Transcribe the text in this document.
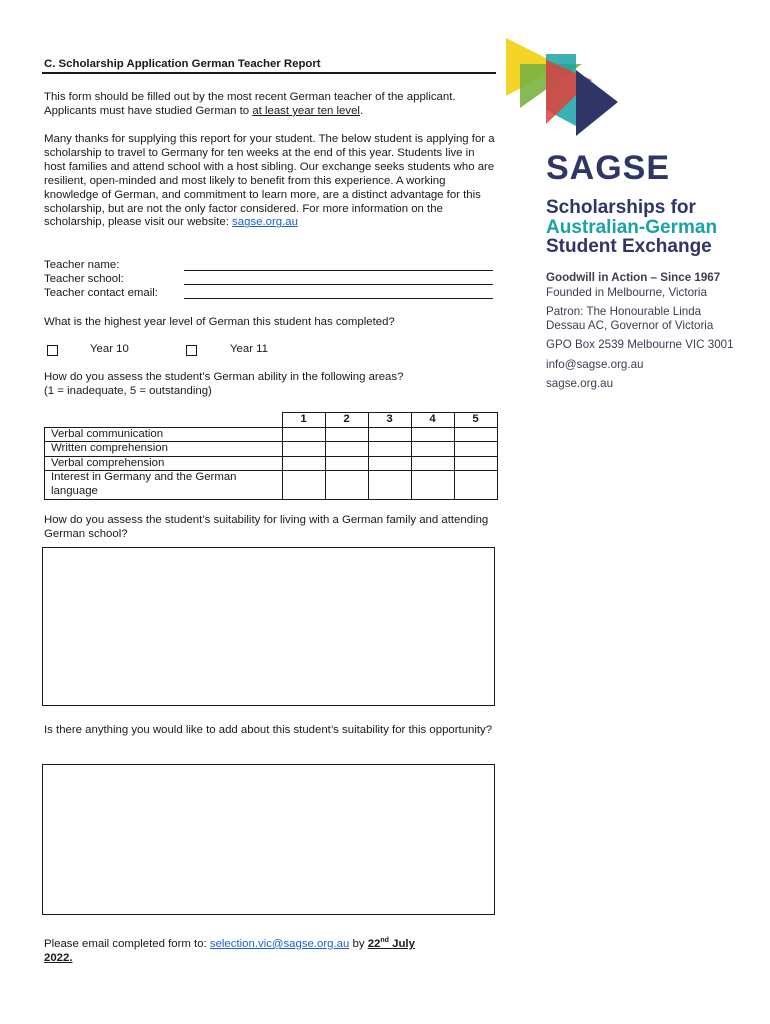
C. Scholarship Application German Teacher Report
This form should be filled out by the most recent German teacher of the applicant. Applicants must have studied German to at least year ten level.
Many thanks for supplying this report for your student. The below student is applying for a scholarship to travel to Germany for ten weeks at the end of this year. Students live in host families and attend school with a host sibling. Our exchange seeks students who are resilient, open-minded and most likely to benefit from this experience. A working knowledge of German, and commitment to learn more, are a distinct advantage for this scholarship, but are not the only factor considered. For more information on the scholarship, please visit our website: sagse.org.au
Teacher name:
Teacher school:
Teacher contact email:
What is the highest year level of German this student has completed?
Year 10	Year 11
How do you assess the student’s German ability in the following areas?
(1 = inadequate, 5 = outstanding)
	1	2	3	4	5
Verbal communication					
Written comprehension					
Verbal comprehension					
Interest in Germany and the German language					
How do you assess the student’s suitability for living with a German family and attending German school?
Is there anything you would like to add about this student’s suitability for this opportunity?
Please email completed form to: selection.vic@sagse.org.au by 22nd July
2022.
SAGSE
Scholarships for
Australian-German
Student Exchange
Goodwill in Action – Since 1967
Founded in Melbourne, Victoria
Patron: The Honourable Linda
Dessau AC, Governor of Victoria
GPO Box 2539 Melbourne VIC 3001
info@sagse.org.au
sagse.org.au
